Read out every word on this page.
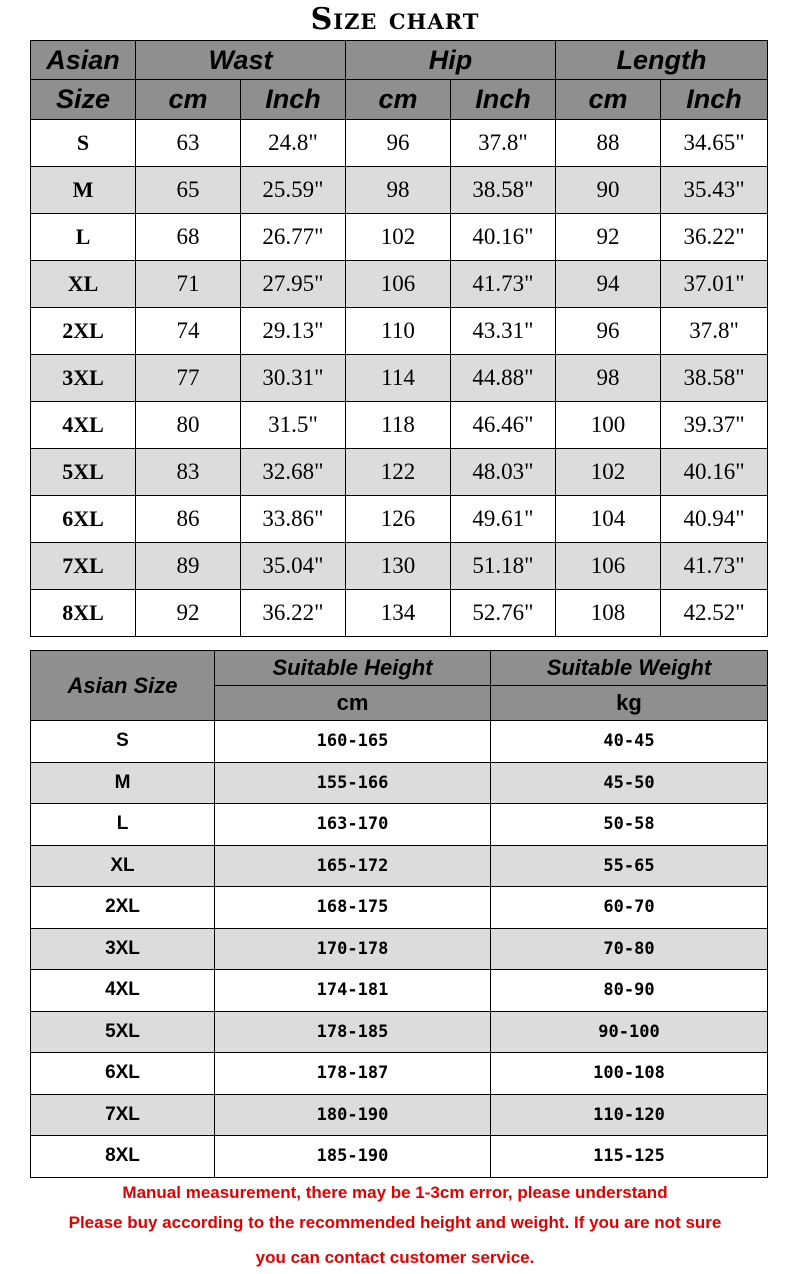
Size chart
Asian	Wast		Hip		Length	
Size	cm	Inch	cm	Inch	cm	Inch
S	63	24.8"	96	37.8"	88	34.65"
M	65	25.59"	98	38.58"	90	35.43"
L	68	26.77"	102	40.16"	92	36.22"
XL	71	27.95"	106	41.73"	94	37.01"
2XL	74	29.13"	110	43.31"	96	37.8"
3XL	77	30.31"	114	44.88"	98	38.58"
4XL	80	31.5"	118	46.46"	100	39.37"
5XL	83	32.68"	122	48.03"	102	40.16"
6XL	86	33.86"	126	49.61"	104	40.94"
7XL	89	35.04"	130	51.18"	106	41.73"
8XL	92	36.22"	134	52.76"	108	42.52"
Asian Size	Suitable Height	Suitable Weight
	cm	kg
S	160-165	40-45
M	155-166	45-50
L	163-170	50-58
XL	165-172	55-65
2XL	168-175	60-70
3XL	170-178	70-80
4XL	174-181	80-90
5XL	178-185	90-100
6XL	178-187	100-108
7XL	180-190	110-120
8XL	185-190	115-125
Manual measurement, there may be 1-3cm error, please understand
Please buy according to the recommended height and weight. If you are not sure
you can contact customer service.
